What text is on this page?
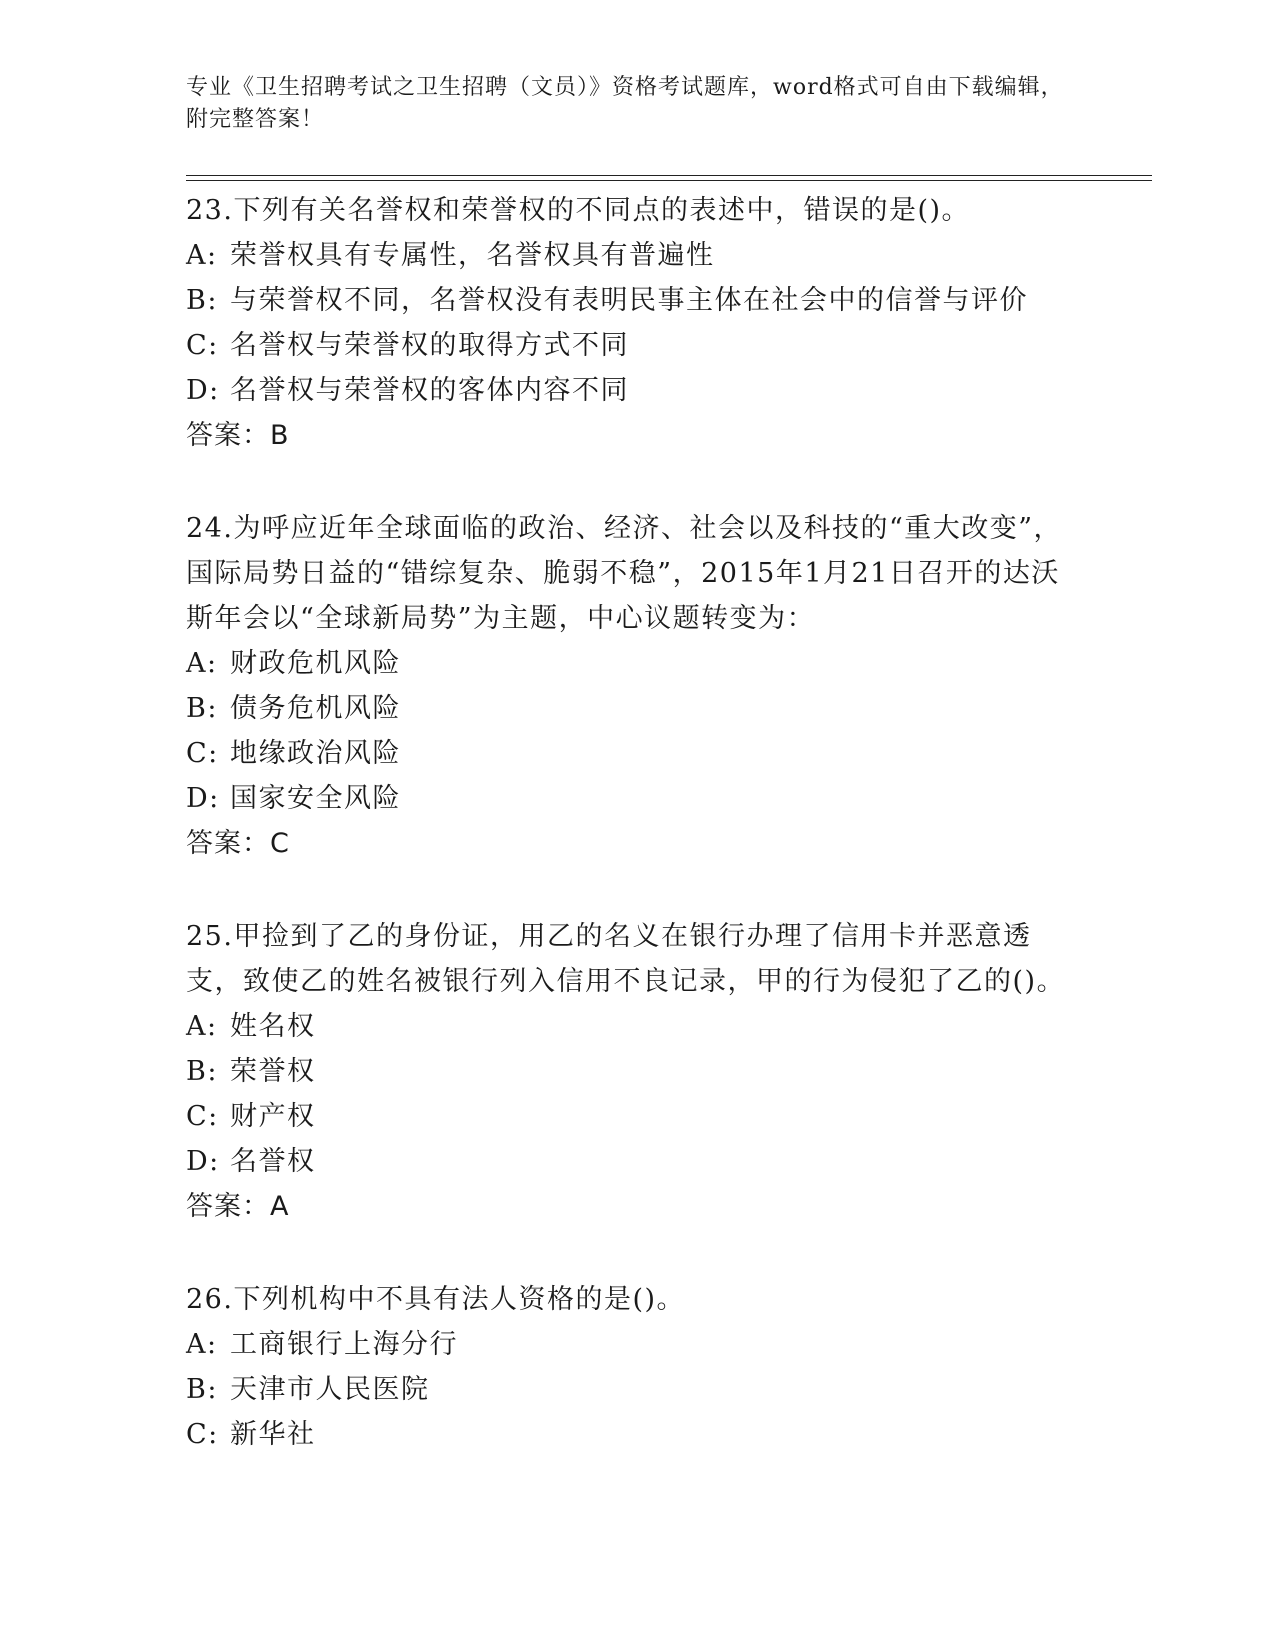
专业《卫生招聘考试之卫生招聘（文员）》资格考试题库，word格式可自由下载编辑，附完整答案！

23.下列有关名誉权和荣誉权的不同点的表述中，错误的是()。

A: 荣誉权具有专属性，名誉权具有普遍性

B: 与荣誉权不同，名誉权没有表明民事主体在社会中的信誉与评价

C: 名誉权与荣誉权的取得方式不同

D: 名誉权与荣誉权的客体内容不同

答案：B

24.为呼应近年全球面临的政治、经济、社会以及科技的“重大改变”，国际局势日益的“错综复杂、脆弱不稳”，2015年1月21日召开的达沃斯年会以“全球新局势”为主题，中心议题转变为：

A: 财政危机风险

B: 债务危机风险

C: 地缘政治风险

D: 国家安全风险

答案：C

25.甲捡到了乙的身份证，用乙的名义在银行办理了信用卡并恶意透支，致使乙的姓名被银行列入信用不良记录，甲的行为侵犯了乙的()。

A: 姓名权

B: 荣誉权

C: 财产权

D: 名誉权

答案：A

26.下列机构中不具有法人资格的是()。

A: 工商银行上海分行

B: 天津市人民医院

C: 新华社
